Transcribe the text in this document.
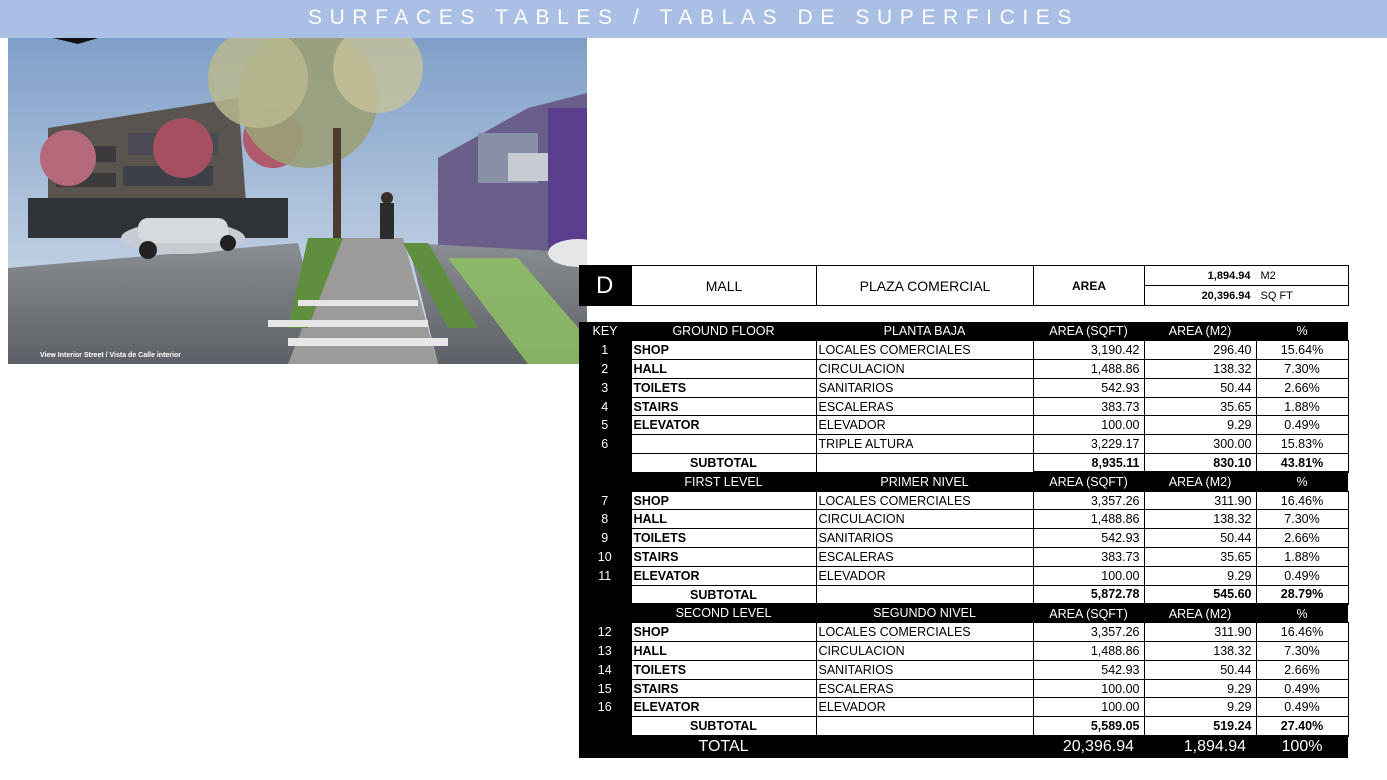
SURFACES TABLES / TABLAS DE SUPERFICIES
View Interior Street / Vista de Calle interior
D	MALL	PLAZA COMERCIAL	AREA	1,894.94	M2
				20,396.94	SQ FT
KEY	GROUND FLOOR	PLANTA BAJA	AREA (SQFT)	AREA (M2)	%
1	SHOP	LOCALES COMERCIALES	3,190.42	296.40	15.64%
2	HALL	CIRCULACION	1,488.86	138.32	7.30%
3	TOILETS	SANITARIOS	542.93	50.44	2.66%
4	STAIRS	ESCALERAS	383.73	35.65	1.88%
5	ELEVATOR	ELEVADOR	100.00	9.29	0.49%
6		TRIPLE ALTURA	3,229.17	300.00	15.83%
	SUBTOTAL		8,935.11	830.10	43.81%
	FIRST LEVEL	PRIMER NIVEL	AREA (SQFT)	AREA (M2)	%
7	SHOP	LOCALES COMERCIALES	3,357.26	311.90	16.46%
8	HALL	CIRCULACION	1,488.86	138.32	7.30%
9	TOILETS	SANITARIOS	542.93	50.44	2.66%
10	STAIRS	ESCALERAS	383.73	35.65	1.88%
11	ELEVATOR	ELEVADOR	100.00	9.29	0.49%
	SUBTOTAL		5,872.78	545.60	28.79%
	SECOND LEVEL	SEGUNDO NIVEL	AREA (SQFT)	AREA (M2)	%
12	SHOP	LOCALES COMERCIALES	3,357.26	311.90	16.46%
13	HALL	CIRCULACION	1,488.86	138.32	7.30%
14	TOILETS	SANITARIOS	542.93	50.44	2.66%
15	STAIRS	ESCALERAS	100.00	9.29	0.49%
16	ELEVATOR	ELEVADOR	100.00	9.29	0.49%
	SUBTOTAL		5,589.05	519.24	27.40%
	TOTAL		20,396.94	1,894.94	100%
